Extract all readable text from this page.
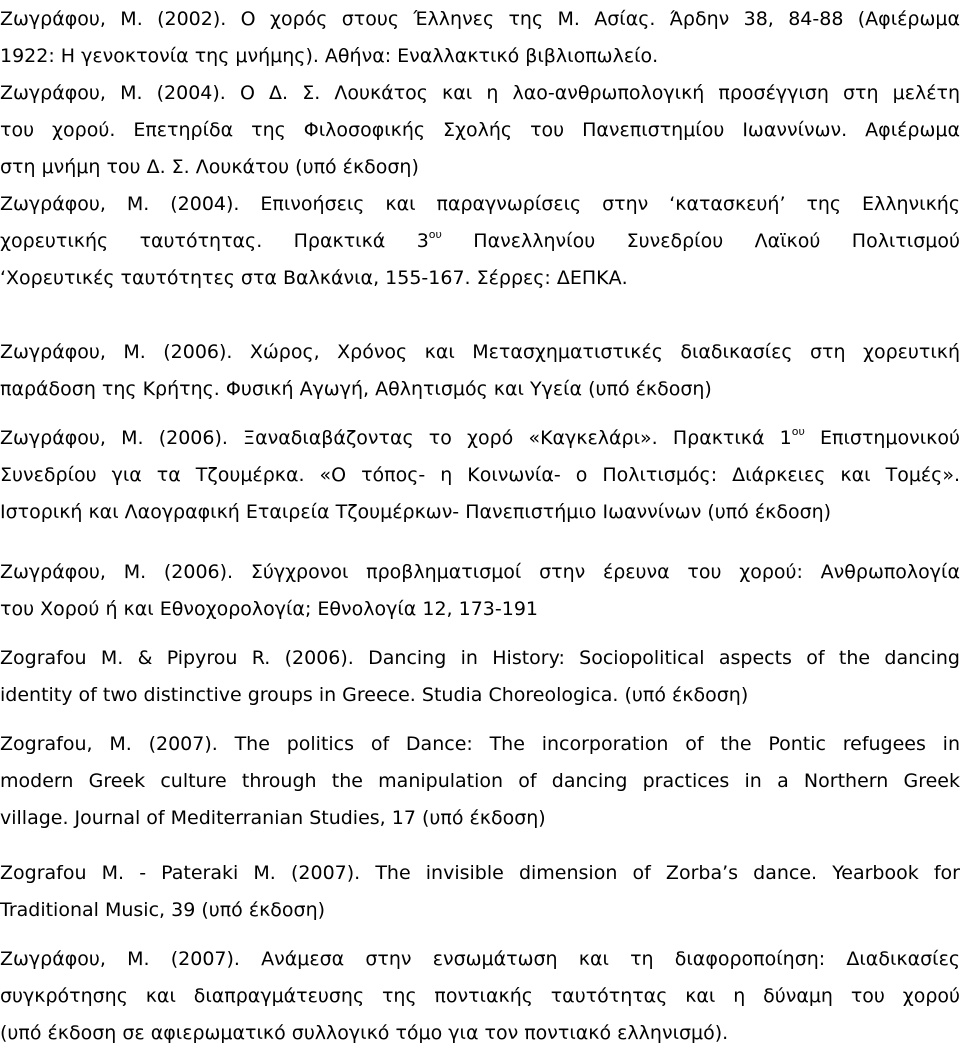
Ζωγράφου, Μ. (2002). Ο χορός στους Έλληνες της Μ. Ασίας. Άρδην 38, 84-88 (Αφιέρωμα
1922: Η γενοκτονία της μνήμης). Αθήνα: Εναλλακτικό βιβλιοπωλείο.
Ζωγράφου, Μ. (2004). Ο Δ. Σ. Λουκάτος και η λαο-ανθρωπολογική προσέγγιση στη μελέτη
του χορού. Επετηρίδα της Φιλοσοφικής Σχολής του Πανεπιστημίου Ιωαννίνων. Αφιέρωμα
στη μνήμη του Δ. Σ. Λουκάτου (υπό έκδοση)
Ζωγράφου, Μ. (2004). Επινοήσεις και παραγνωρίσεις στην ‘κατασκευή’ της Ελληνικής
χορευτικής ταυτότητας. Πρακτικά $3^{o\upsilon}$ Πανελληνίου Συνεδρίου Λαϊκού Πολιτισμού
‘Χορευτικές ταυτότητες στα Βαλκάνια, 155-167. Σέρρες: ΔΕΠΚΑ.
Ζωγράφου, Μ. (2006). Χώρος, Χρόνος και Μετασχηματιστικές διαδικασίες στη χορευτική
παράδοση της Κρήτης. Φυσική Αγωγή, Αθλητισμός και Υγεία (υπό έκδοση)
Ζωγράφου, Μ. (2006). Ξαναδιαβάζοντας το χορό «Καγκελάρι». Πρακτικά $1^{o\upsilon}$ Επιστημονικού
Συνεδρίου για τα Τζουμέρκα. «Ο τόπος- η Κοινωνία- ο Πολιτισμός: Διάρκειες και Τομές».
Ιστορική και Λαογραφική Εταιρεία Τζουμέρκων- Πανεπιστήμιο Ιωαννίνων (υπό έκδοση)
Ζωγράφου, Μ. (2006). Σύγχρονοι προβληματισμοί στην έρευνα του χορού: Ανθρωπολογία
του Χορού ή και Εθνοχορολογία; Εθνολογία 12, 173-191
Zografou M. & Pipyrou R. (2006). Dancing in History: Sociopolitical aspects of the dancing
identity of two distinctive groups in Greece. Studia Choreologica. (υπό έκδοση)
Zografou, M. (2007). The politics of Dance: The incorporation of the Pontic refugees in
modern Greek culture through the manipulation of dancing practices in a Northern Greek
village. Journal of Mediterranian Studies, 17 (υπό έκδοση)
Zografou M. - Pateraki M. (2007). The invisible dimension of Zorba’s dance. Yearbook for
Traditional Music, 39 (υπό έκδοση)
Ζωγράφου, Μ. (2007). Ανάμεσα στην ενσωμάτωση και τη διαφοροποίηση: Διαδικασίες
συγκρότησης και διαπραγμάτευσης της ποντιακής ταυτότητας και η δύναμη του χορού
(υπό έκδοση σε αφιερωματικό συλλογικό τόμο για τον ποντιακό ελληνισμό).
